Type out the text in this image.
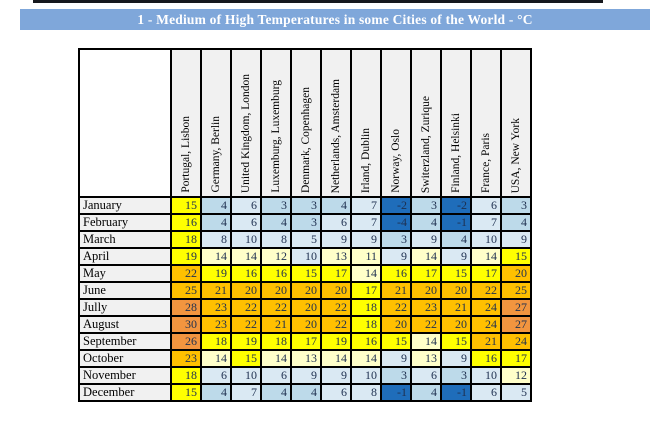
1 - Medium of High Temperatures in some Cities of the World - °C

	Portugal, Lisbon	Germany, Berlin	United Kingdom, London	Luxemburg, Luxemburg	Denmark, Copenhagen	Netherlands, Amsterdam	Irland, Dublin	Norway, Oslo	Switerzland, Zurique	Finland, Helsinki	France, Paris	USA, New York

January	15	4	6	3	3	4	7	-2	3	-2	6	3
February	16	4	6	4	3	6	7	-4	4	-1	7	4
March	18	8	10	8	5	9	9	3	9	4	10	9
April	19	14	14	12	10	13	11	9	14	9	14	15
May	22	19	16	16	15	17	14	16	17	15	17	20
June	25	21	20	20	20	20	17	21	20	20	22	25
Jully	28	23	22	22	20	22	18	22	23	21	24	27
August	30	23	22	21	20	22	18	20	22	20	24	27
September	26	18	19	18	17	19	16	15	14	15	21	24
October	23	14	15	14	13	14	14	9	13	9	16	17
November	18	6	10	6	9	9	10	3	6	3	10	12
December	15	4	7	4	4	6	8	-1	4	-1	6	5
